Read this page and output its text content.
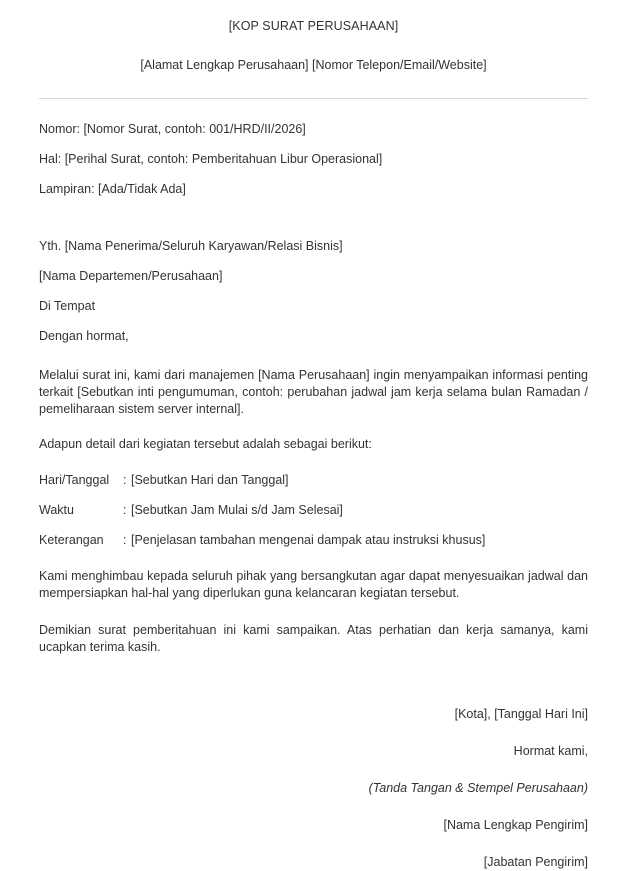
[KOP SURAT PERUSAHAAN]
[Alamat Lengkap Perusahaan] [Nomor Telepon/Email/Website]
Nomor: [Nomor Surat, contoh: 001/HRD/II/2026]
Hal: [Perihal Surat, contoh: Pemberitahuan Libur Operasional]
Lampiran: [Ada/Tidak Ada]
Yth. [Nama Penerima/Seluruh Karyawan/Relasi Bisnis]
[Nama Departemen/Perusahaan]
Di Tempat
Dengan hormat,

Melalui surat ini, kami dari manajemen [Nama Perusahaan] ingin menyampaikan informasi penting terkait [Sebutkan inti pengumuman, contoh: perubahan jadwal jam kerja selama bulan Ramadan / pemeliharaan sistem server internal].

Adapun detail dari kegiatan tersebut adalah sebagai berikut:

Hari/Tanggal	: [Sebutkan Hari dan Tanggal]
Waktu	: [Sebutkan Jam Mulai s/d Jam Selesai]
Keterangan	: [Penjelasan tambahan mengenai dampak atau instruksi khusus]

Kami menghimbau kepada seluruh pihak yang bersangkutan agar dapat menyesuaikan jadwal dan mempersiapkan hal-hal yang diperlukan guna kelancaran kegiatan tersebut.

Demikian surat pemberitahuan ini kami sampaikan. Atas perhatian dan kerja samanya, kami ucapkan terima kasih.

[Kota], [Tanggal Hari Ini]
Hormat kami,
(Tanda Tangan & Stempel Perusahaan)
[Nama Lengkap Pengirim]
[Jabatan Pengirim]
